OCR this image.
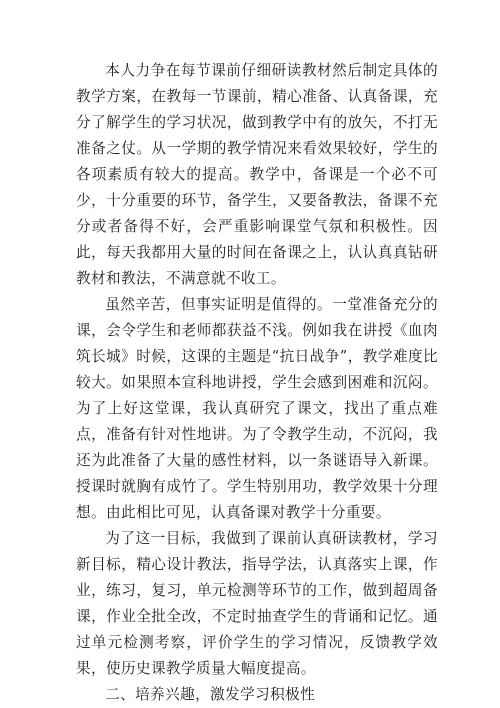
本人力争在每节课前仔细研读教材然后制定具体的教学方案，在教每一节课前，精心准备、认真备课，充分了解学生的学习状况，做到教学中有的放矢，不打无准备之仗。从一学期的教学情况来看效果较好，学生的各项素质有较大的提高。教学中，备课是一个必不可少，十分重要的环节，备学生，又要备教法，备课不充分或者备得不好，会严重影响课堂气氛和积极性。因此，每天我都用大量的时间在备课之上，认认真真钻研教材和教法，不满意就不收工。

虽然辛苦，但事实证明是值得的。一堂准备充分的课，会令学生和老师都获益不浅。例如我在讲授《血肉筑长城》时候，这课的主题是“抗日战争”，教学难度比较大。如果照本宣科地讲授，学生会感到困难和沉闷。为了上好这堂课，我认真研究了课文，找出了重点难点，准备有针对性地讲。为了令教学生动，不沉闷，我还为此准备了大量的感性材料，以一条谜语导入新课。授课时就胸有成竹了。学生特别用功，教学效果十分理想。由此相比可见，认真备课对教学十分重要。

为了这一目标，我做到了课前认真研读教材，学习新目标，精心设计教法，指导学法，认真落实上课，作业，练习，复习，单元检测等环节的工作，做到超周备课，作业全批全改，不定时抽查学生的背诵和记忆。通过单元检测考察，评价学生的学习情况，反馈教学效果，使历史课教学质量大幅度提高。

二、培养兴趣，激发学习积极性
